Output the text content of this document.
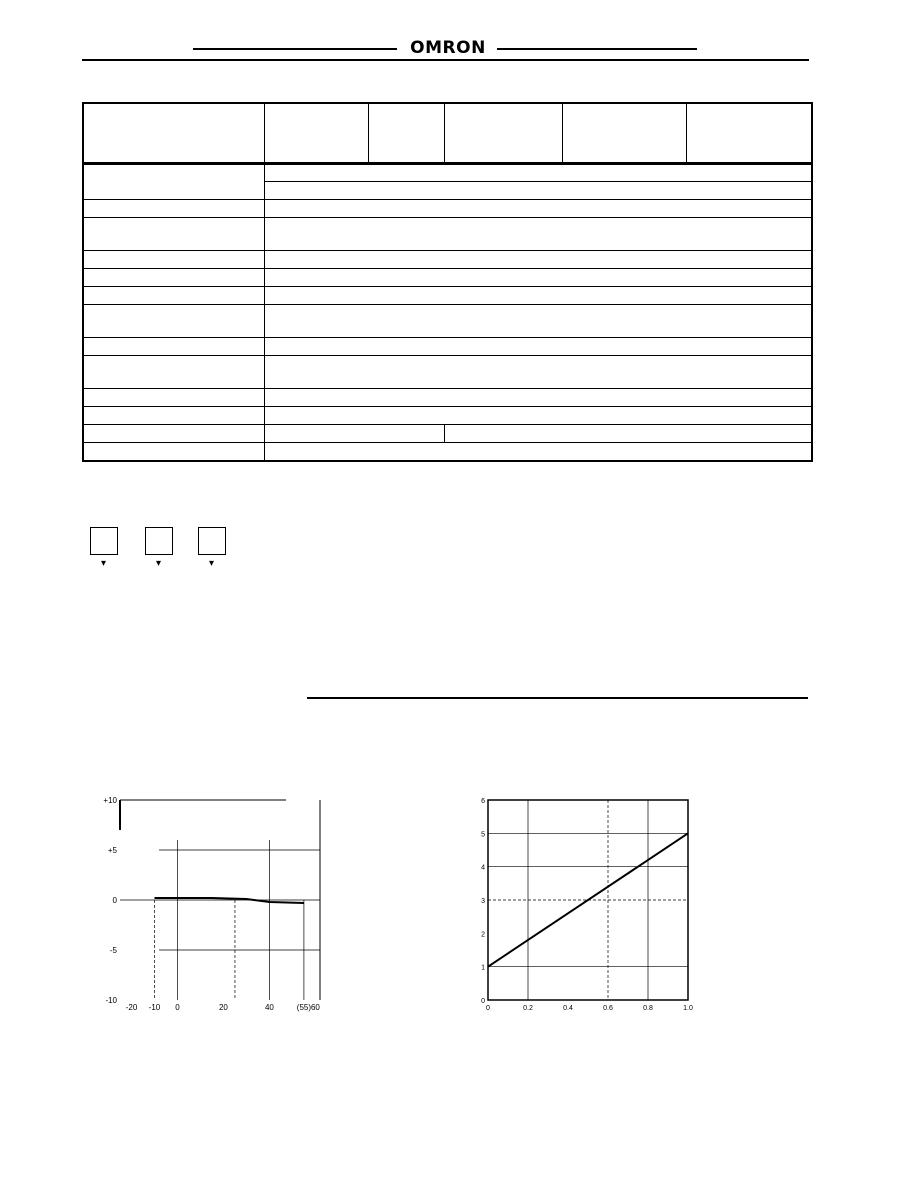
OMRON

▾	▾	▾
+10
+5
0
-5
-10
-20 -10 0	20	40	(55) 60
6
5
4
3
2
1
0
0	0.2	0.4	0.6	0.8	1.0
